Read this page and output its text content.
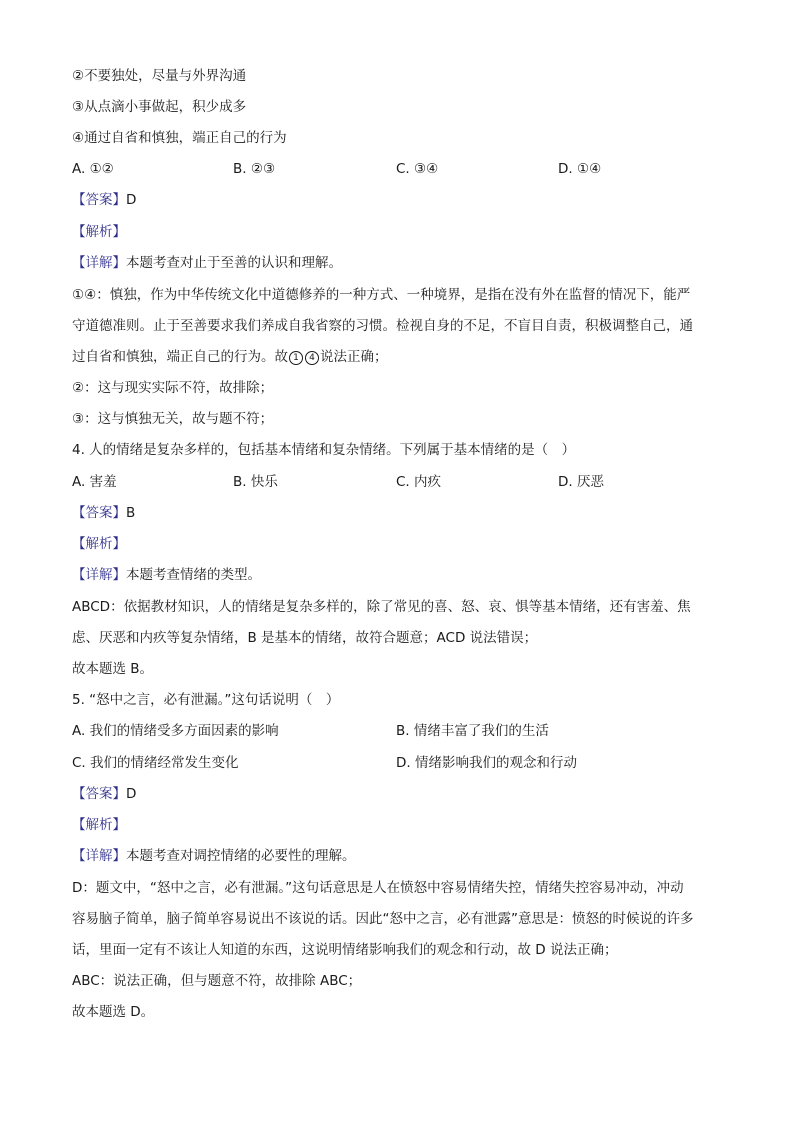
②不要独处，尽量与外界沟通
③从点滴小事做起，积少成多
④通过自省和慎独，端正自己的行为
A. ①②	B. ②③	C. ③④	D. ①④
【答案】D
【解析】
【详解】本题考查对止于至善的认识和理解。
①④：慎独，作为中华传统文化中道德修养的一种方式、一种境界，是指在没有外在监督的情况下，能严
守道德准则。止于至善要求我们养成自我省察的习惯。检视自身的不足，不盲目自责，积极调整自己，通
过自省和慎独，端正自己的行为。故 1 4 说法正确；
②：这与现实实际不符，故排除；
③：这与慎独无关，故与题不符；
4. 人的情绪是复杂多样的，包括基本情绪和复杂情绪。下列属于基本情绪的是（　）
A. 害羞	B. 快乐	C. 内疚	D. 厌恶
【答案】B
【解析】
【详解】本题考查情绪的类型。
ABCD：依据教材知识，人的情绪是复杂多样的，除了常见的喜、怒、哀、惧等基本情绪，还有害羞、焦
虑、厌恶和内疚等复杂情绪，B 是基本的情绪，故符合题意；ACD 说法错误；
故本题选 B。
5. “怒中之言，必有泄漏。”这句话说明（　）
A. 我们的情绪受多方面因素的影响	B. 情绪丰富了我们的生活
C. 我们的情绪经常发生变化	D. 情绪影响我们的观念和行动
【答案】D
【解析】
【详解】本题考查对调控情绪的必要性的理解。
D：题文中，“怒中之言，必有泄漏。”这句话意思是人在愤怒中容易情绪失控，情绪失控容易冲动，冲动
容易脑子简单，脑子简单容易说出不该说的话。因此“怒中之言，必有泄露”意思是：愤怒的时候说的许多
话，里面一定有不该让人知道的东西，这说明情绪影响我们的观念和行动，故 D 说法正确；
ABC：说法正确，但与题意不符，故排除 ABC；
故本题选 D。
